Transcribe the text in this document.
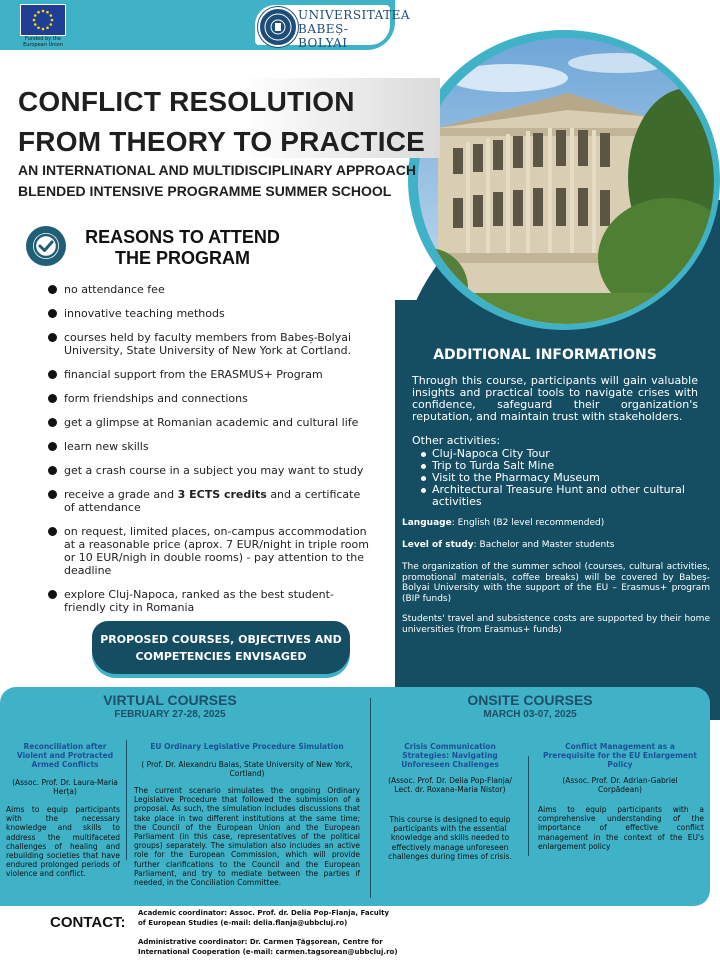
Funded by the European Union
UNIVERSITATEA BABEȘ-BOLYAI
CONFLICT RESOLUTION FROM THEORY TO PRACTICE
AN INTERNATIONAL AND MULTIDISCIPLINARY APPROACH
BLENDED INTENSIVE PROGRAMME SUMMER SCHOOL
REASONS TO ATTEND THE PROGRAM
no attendance fee
innovative teaching methods
courses held by faculty members from Babeș-Bolyai University, State University of New York at Cortland.
financial support from the ERASMUS+ Program
form friendships and connections
get a glimpse at Romanian academic and cultural life
learn new skills
get a crash course in a subject you may want to study
receive a grade and 3 ECTS credits and a certificate of attendance
on request, limited places, on-campus accommodation at a reasonable price (aprox. 7 EUR/night in triple room or 10 EUR/nigh in double rooms) - pay attention to the deadline
explore Cluj-Napoca, ranked as the best student-friendly city in Romania
PROPOSED COURSES, OBJECTIVES AND COMPETENCIES ENVISAGED
ADDITIONAL INFORMATIONS
Through this course, participants will gain valuable insights and practical tools to navigate crises with confidence, safeguard their organization's reputation, and maintain trust with stakeholders.
Other activities:
Cluj-Napoca City Tour
Trip to Turda Salt Mine
Visit to the Pharmacy Museum
Architectural Treasure Hunt and other cultural activities
Language: English (B2 level recommended)
Level of study: Bachelor and Master students
The organization of the summer school (courses, cultural activities, promotional materials, coffee breaks) will be covered by Babeș-Bolyai University with the support of the EU – Erasmus+ program (BIP funds)
Students' travel and subsistence costs are supported by their home universities (from Erasmus+ funds)
VIRTUAL COURSES
FEBRUARY 27-28, 2025
ONSITE COURSES
MARCH 03-07, 2025
Reconciliation after Violent and Protracted Armed Conflicts
(Assoc. Prof. Dr. Laura-Maria Herța)
Aims to equip participants with the necessary knowledge and skills to address the multifaceted challenges of healing and rebuilding societies that have endured prolonged periods of violence and conflict.
EU Ordinary Legislative Procedure Simulation
( Prof. Dr. Alexandru Balas, State University of New York, Cortland)
The current scenario simulates the ongoing Ordinary Legislative Procedure that followed the submission of a proposal. As such, the simulation includes discussions that take place in two different institutions at the same time; the Council of the European Union and the European Parliament (in this case, representatives of the political groups) separately. The simulation also includes an active role for the European Commission, which will provide further clarifications to the Council and the European Parliament, and try to mediate between the parties if needed, in the Conciliation Committee.
Crisis Communication Strategies: Navigating Unforeseen Challenges
(Assoc. Prof. Dr. Delia Pop-Flanja/ Lect. dr. Roxana-Maria Nistor)
This course is designed to equip participants with the essential knowledge and skills needed to effectively manage unforeseen challenges during times of crisis.
Conflict Management as a Prerequisite for the EU Enlargement Policy
(Assoc. Prof. Dr. Adrian-Gabriel Corpădean)
Aims to equip participants with a comprehensive understanding of the importance of effective conflict management in the context of the EU's enlargement policy
CONTACT:
Academic coordinator: Assoc. Prof. dr. Delia Pop-Flanja, Faculty of European Studies (e-mail: delia.flanja@ubbcluj.ro)
Administrative coordinator: Dr. Carmen Țăgșorean, Centre for International Cooperation (e-mail: carmen.tagsorean@ubbcluj.ro)
